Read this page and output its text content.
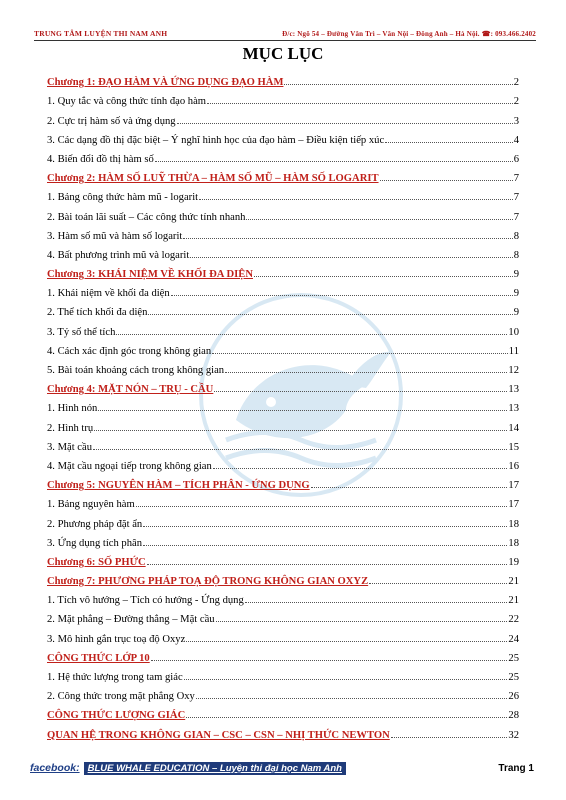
TRUNG TÂM LUYỆN THI NAM ANH	Đ/c: Ngõ 54 – Đường Văn Trì – Vân Nội – Đông Anh – Hà Nội. ☎: 093.466.2402
MỤC LỤC
Chương 1: ĐẠO HÀM VÀ ỨNG DỤNG ĐẠO HÀM	2
1. Quy tắc và công thức tính đạo hàm	2
2. Cực trị hàm số và ứng dụng	3
3. Các dạng đồ thị đặc biệt – Ý nghĩ hình học của đạo hàm – Điều kiện tiếp xúc	4
4. Biến đổi đồ thị hàm số	6
Chương 2: HÀM SỐ LUỸ THỪA – HÀM SỐ MŨ – HÀM SỐ LOGARIT	7
1. Bảng công thức hàm mũ - logarit	7
2. Bài toán lãi suất – Các công thức tính nhanh	7
3. Hàm số mũ và hàm số logarit	8
4. Bất phương trình mũ và logarit	8
Chương 3: KHÁI NIỆM VỀ KHỐI ĐA DIỆN	9
1. Khái niệm về khối đa diện	9
2. Thể tích khối đa diện	9
3. Tỷ số thể tích	10
4. Cách xác định góc trong không gian	11
5. Bài toán khoảng cách trong không gian	12
Chương 4: MẶT NÓN – TRỤ - CẦU	13
1. Hình nón	13
2. Hình trụ	14
3. Mặt cầu	15
4. Mặt cầu ngoại tiếp trong không gian	16
Chương 5: NGUYÊN HÀM – TÍCH PHÂN - ỨNG DỤNG	17
1. Bảng nguyên hàm	17
2. Phương pháp đặt ẩn	18
3. Ứng dụng tích phân	18
Chương 6: SỐ PHỨC	19
Chương 7: PHƯƠNG PHÁP TOẠ ĐỘ TRONG KHÔNG GIAN OXYZ	21
1. Tích vô hướng – Tích có hướng - Ứng dụng	21
2. Mặt phẳng – Đường thẳng – Mặt cầu	22
3. Mô hình gắn trục toạ độ Oxyz	24
CÔNG THỨC LỚP 10	25
1. Hệ thức lượng trong tam giác	25
2. Công thức trong mặt phẳng Oxy	26
CÔNG THỨC LƯỢNG GIÁC	28
QUAN HỆ TRONG KHÔNG GIAN – CSC – CSN – NHỊ THỨC NEWTON	32
facebook: BLUE WHALE EDUCATION – Luyện thi đại học Nam Anh	Trang 1
